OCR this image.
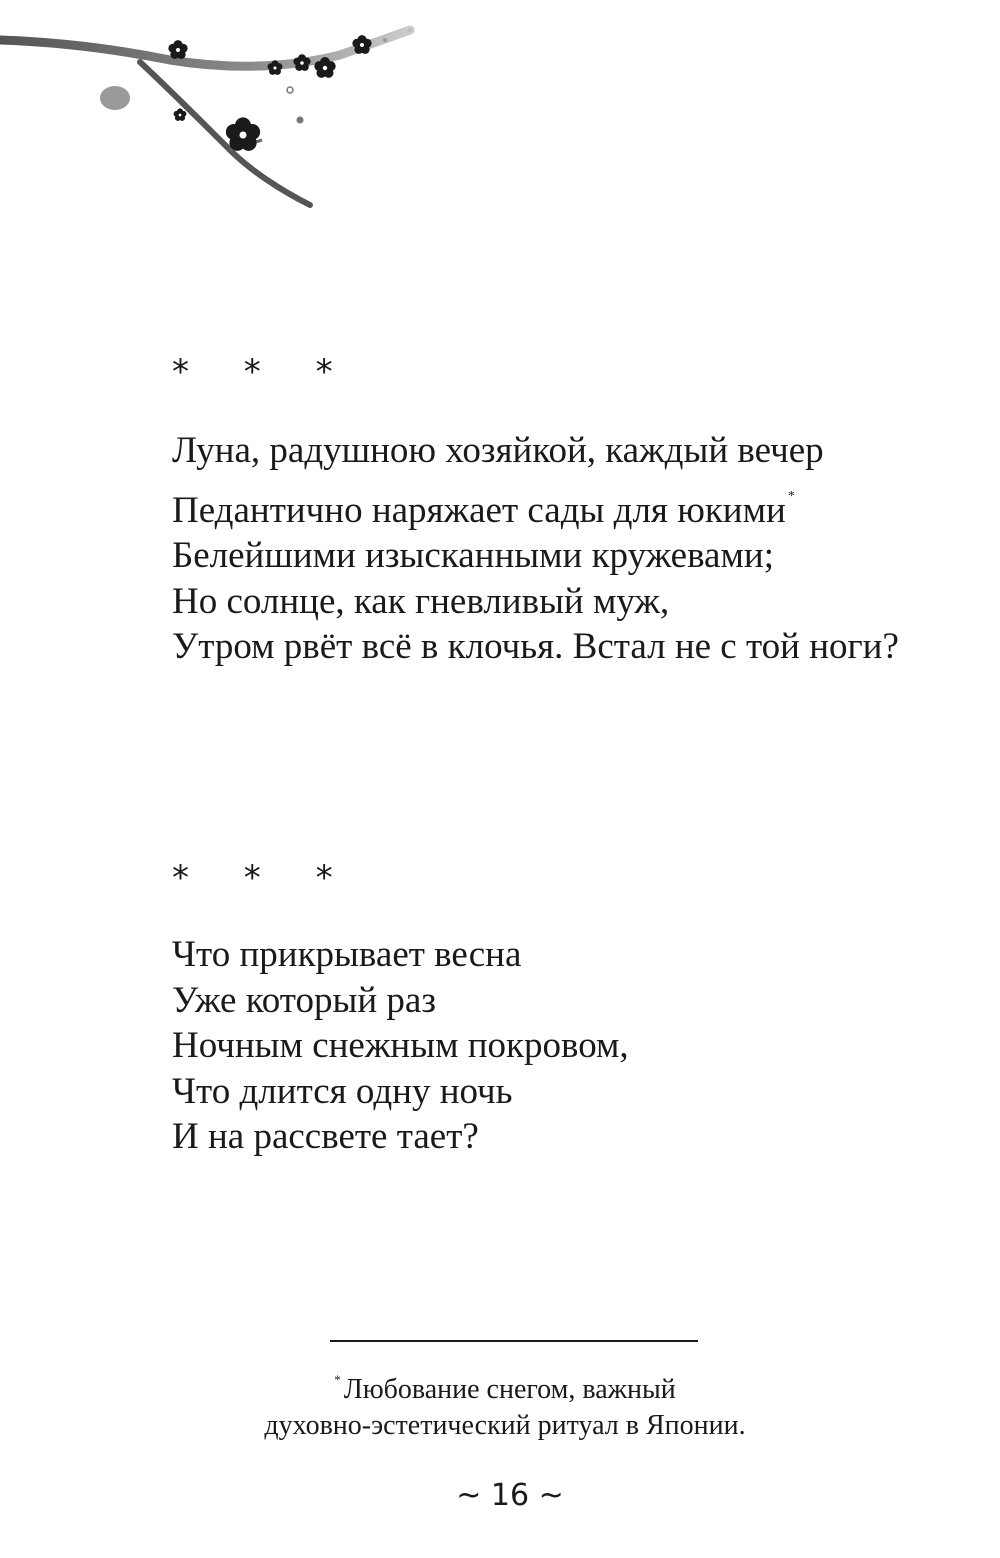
* * *
Луна, радушною хозяйкой, каждый вечер
Педантично наряжает сады для юкими *
Белейшими изысканными кружевами;
Но солнце, как гневливый муж,
Утром рвёт всё в клочья. Встал не с той ноги?
* * *
Что прикрывает весна
Уже который раз
Ночным снежным покровом,
Что длится одну ночь
И на рассвете тает?
* Любование снегом, важный
духовно-эстетический ритуал в Японии.
~ 16 ~
